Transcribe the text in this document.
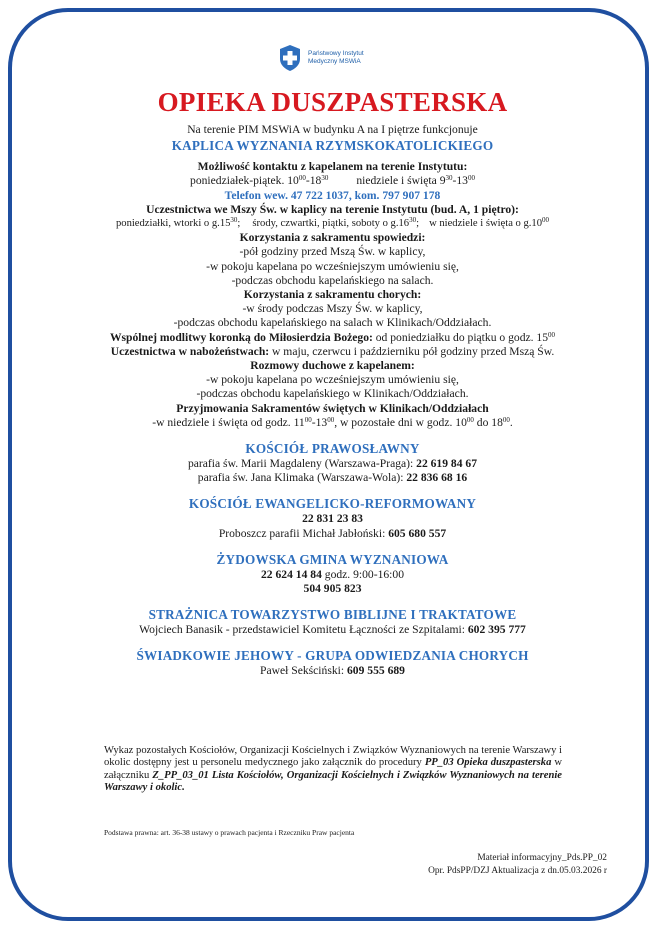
Państwowy Instytut
Medyczny MSWiA
OPIEKA DUSZPASTERSKA
Na terenie PIM MSWiA w budynku A na I piętrze funkcjonuje
KAPLICA WYZNANIA RZYMSKOKATOLICKIEGO
Możliwość kontaktu z kapelanem na terenie Instytutu:
poniedziałek-piątek. $10^{00}-18^{30}$ niedziele i święta $9^{30}-13^{00}$
Telefon wew. 47 722 1037, kom. 797 907 178
Uczestnictwa we Mszy Św. w kaplicy na terenie Instytutu (bud. A, 1 piętro):
poniedziałki, wtorki o $g.15^{30}$; środy, czwartki, piątki, soboty o $g.16^{30}$; w niedziele i święta o $g.10^{00}$
Korzystania z sakramentu spowiedzi:
-pół godziny przed Mszą Św. w kaplicy,
-w pokoju kapelana po wcześniejszym umówieniu się,
-podczas obchodu kapelańskiego na salach.
Korzystania z sakramentu chorych:
-w środy podczas Mszy Św. w kaplicy,
-podczas obchodu kapelańskiego na salach w Klinikach/Oddziałach.
Wspólnej modlitwy koronką do Miłosierdzia Bożego: od poniedziałku do piątku o godz. $15^{00}$
Uczestnictwa w nabożeństwach: w maju, czerwcu i październiku pół godziny przed Mszą Św.
Rozmowy duchowe z kapelanem:
-w pokoju kapelana po wcześniejszym umówieniu się,
-podczas obchodu kapelańskiego w Klinikach/Oddziałach.
Przyjmowania Sakramentów świętych w Klinikach/Oddziałach
-w niedziele i święta od godz. $11^{00}-13^{00}$, w pozostałe dni w godz. $10^{00}$ do $18^{00}$.
KOŚCIÓŁ PRAWOSŁAWNY
parafia św. Marii Magdaleny (Warszawa-Praga): 22 619 84 67
parafia św. Jana Klimaka (Warszawa-Wola): 22 836 68 16
KOŚCIÓŁ EWANGELICKO-REFORMOWANY
22 831 23 83
Proboszcz parafii Michał Jabłoński: 605 680 557
ŻYDOWSKA GMINA WYZNANIOWA
22 624 14 84 godz. 9:00-16:00
504 905 823
STRAŻNICA TOWARZYSTWO BIBLIJNE I TRAKTATOWE
Wojciech Banasik - przedstawiciel Komitetu Łączności ze Szpitalami: 602 395 777
ŚWIADKOWIE JEHOWY - GRUPA ODWIEDZANIA CHORYCH
Paweł Sekściński: 609 555 689
Wykaz pozostałych Kościołów, Organizacji Kościelnych i Związków Wyznaniowych na terenie Warszawy i okolic dostępny jest u personelu medycznego jako załącznik do procedury PP_03 Opieka duszpasterska w załączniku Z_PP_03_01 Lista Kościołów, Organizacji Kościelnych i Związków Wyznaniowych na terenie Warszawy i okolic.
Podstawa prawna: art. 36-38 ustawy o prawach pacjenta i Rzeczniku Praw pacjenta
Materiał informacyjny_Pds.PP_02
Opr. PdsPP/DZJ Aktualizacja z dn.05.03.2026 r
